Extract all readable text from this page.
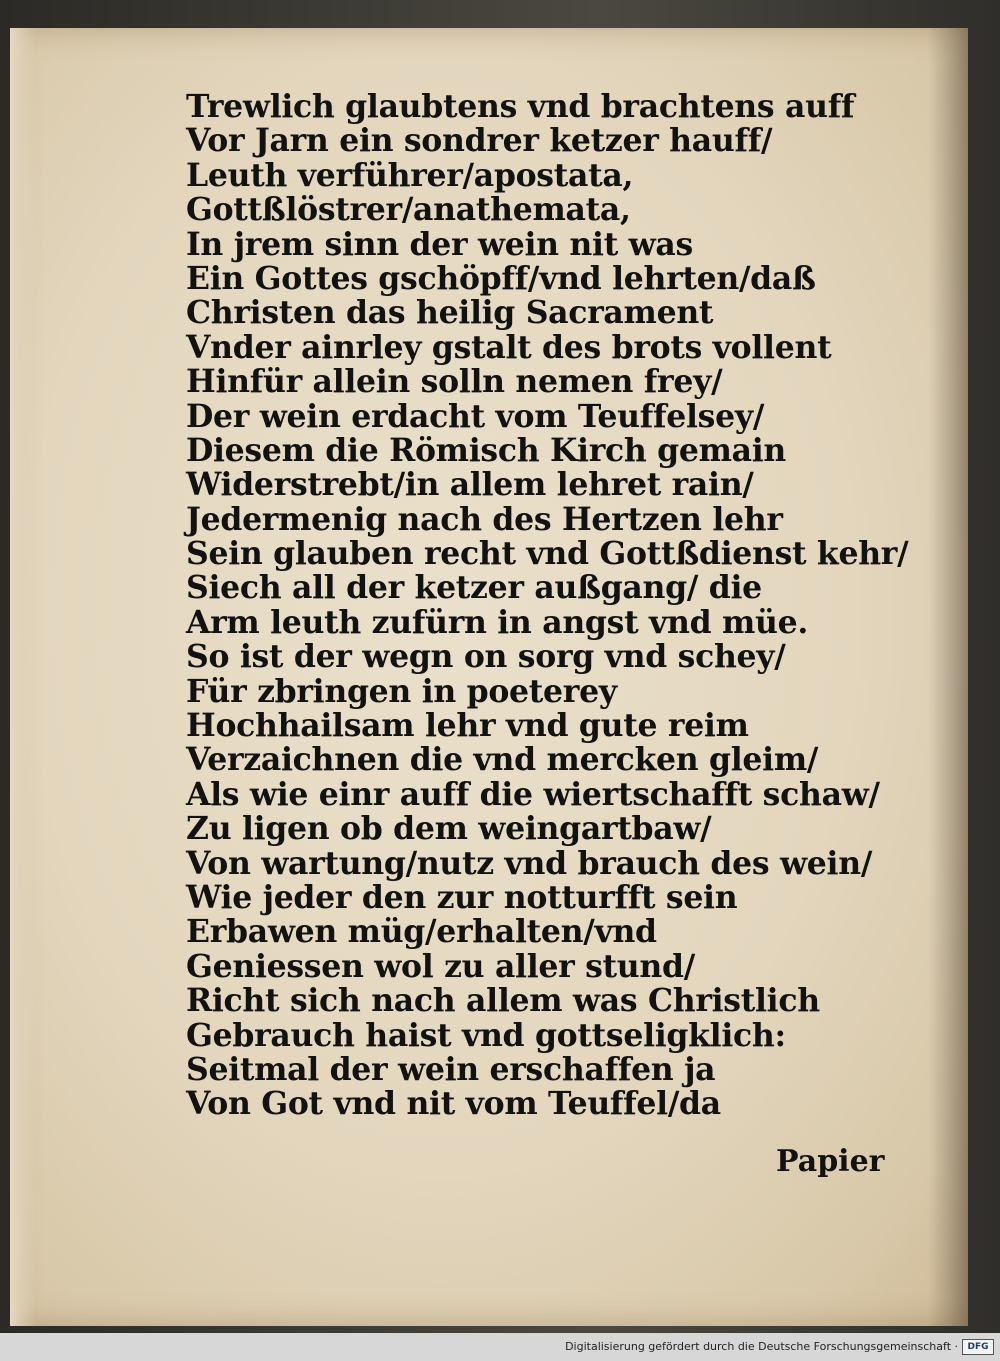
Trewlich glaubtens vnd brachtens auff
Vor Jarn ein sondrer ketzer hauff/
Leuth verführer/apostata,
Gottßlöstrer/anathemata,
In jrem sinn der wein nit was
Ein Gottes gschöpff/vnd lehrten/daß
Christen das heilig Sacrament
Vnder ainrley gstalt des brots vollent
Hinfür allein solln nemen frey/
Der wein erdacht vom Teuffelsey/
Diesem die Römisch Kirch gemain
Widerstrebt/in allem lehret rain/
Jedermenig nach des Hertzen lehr
Sein glauben recht vnd Gottßdienst kehr/
Siech all der ketzer außgang/ die
Arm leuth zufürn in angst vnd müe.
So ist der wegn on sorg vnd schey/
Für zbringen in poeterey
Hochhailsam lehr vnd gute reim
Verzaichnen die vnd mercken gleim/
Als wie einr auff die wiertschafft schaw/
Zu ligen ob dem weingartbaw/
Von wartung/nutz vnd brauch des wein/
Wie jeder den zur notturfft sein
Erbawen müg/erhalten/vnd
Geniessen wol zu aller stund/
Richt sich nach allem was Christlich
Gebrauch haist vnd gottseligklich:
Seitmal der wein erschaffen ja
Von Got vnd nit vom Teuffel/da
Papier
Digitalisierung gefördert durch die Deutsche Forschungsgemeinschaft ·	DFG
